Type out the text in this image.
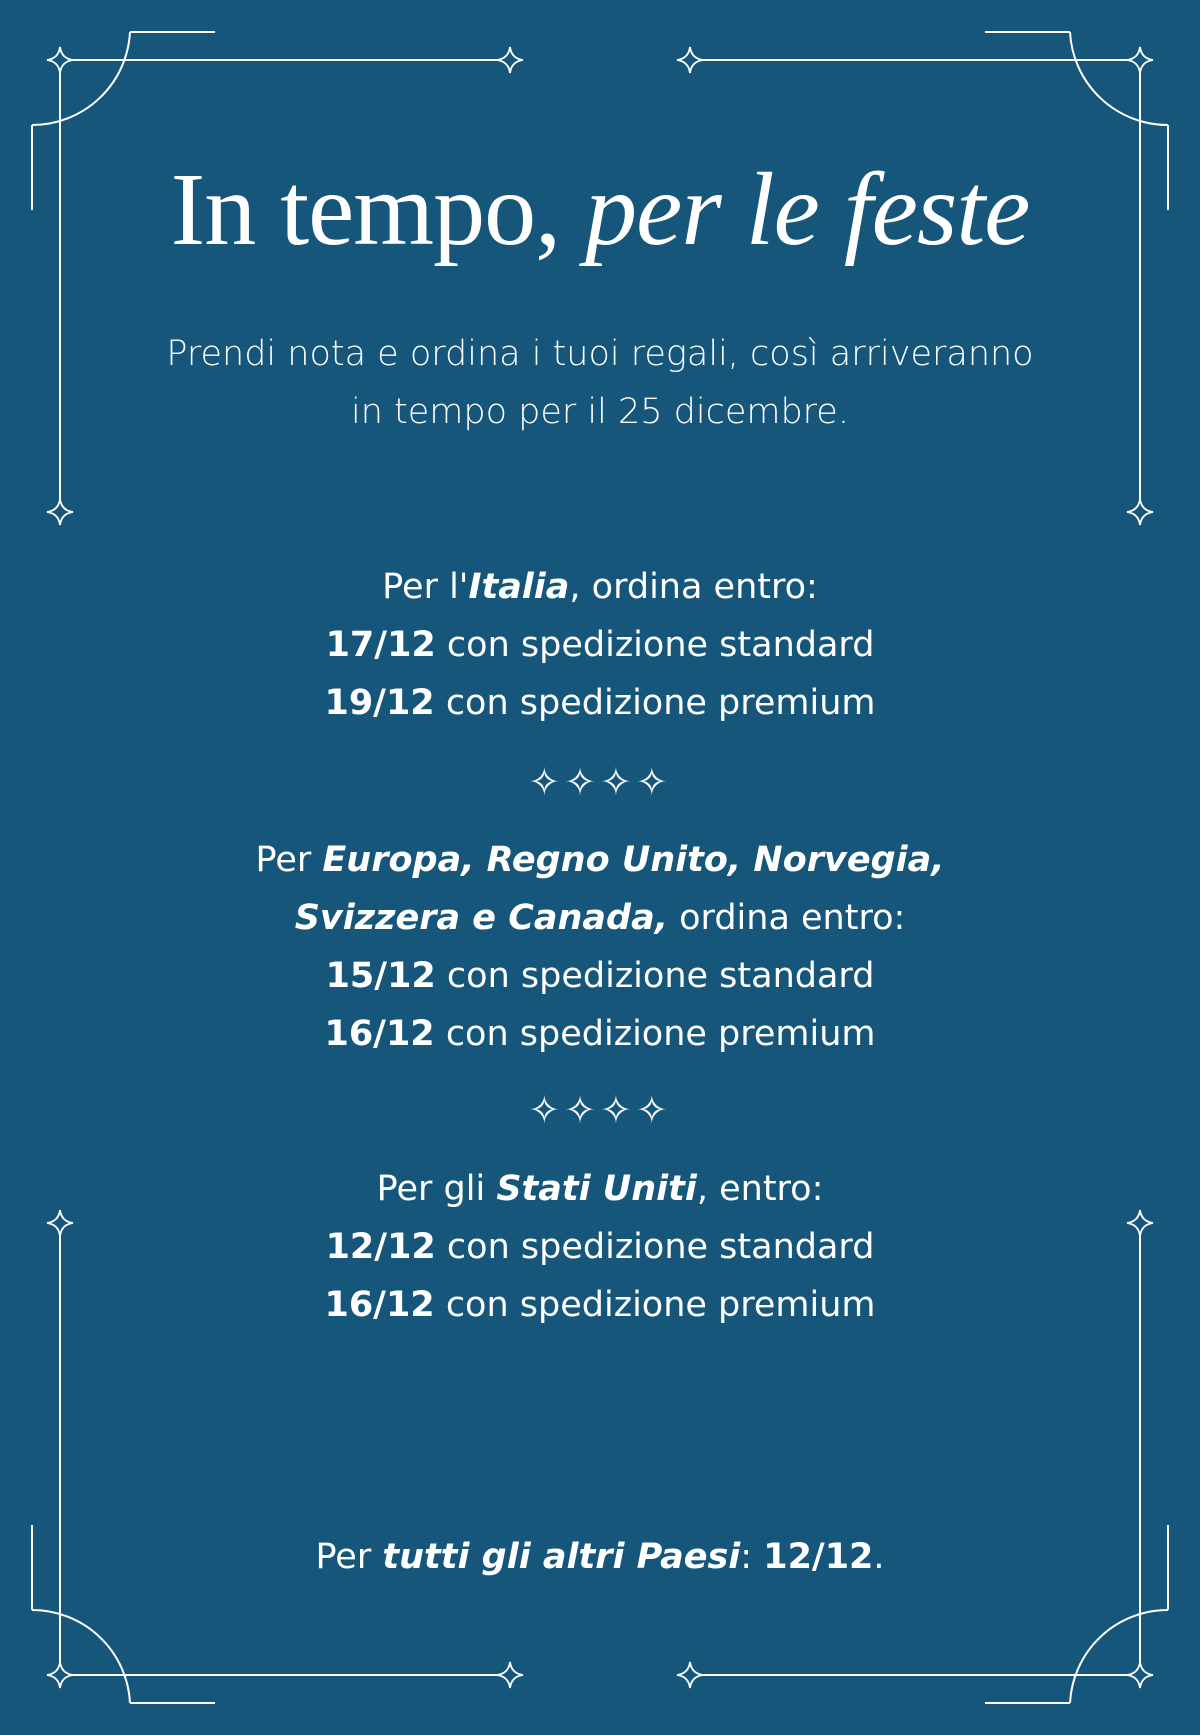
In tempo, per le feste

Prendi nota e ordina i tuoi regali, così arriveranno in tempo per il 25 dicembre.

Per l'Italia, ordina entro:

17/12 con spedizione standard

19/12 con spedizione premium

✧✧✧✧

Per Europa, Regno Unito, Norvegia,

Svizzera e Canada, ordina entro:

15/12 con spedizione standard

16/12 con spedizione premium

✧✧✧✧

Per gli Stati Uniti, entro:

12/12 con spedizione standard

16/12 con spedizione premium

Per tutti gli altri Paesi: 12/12.
